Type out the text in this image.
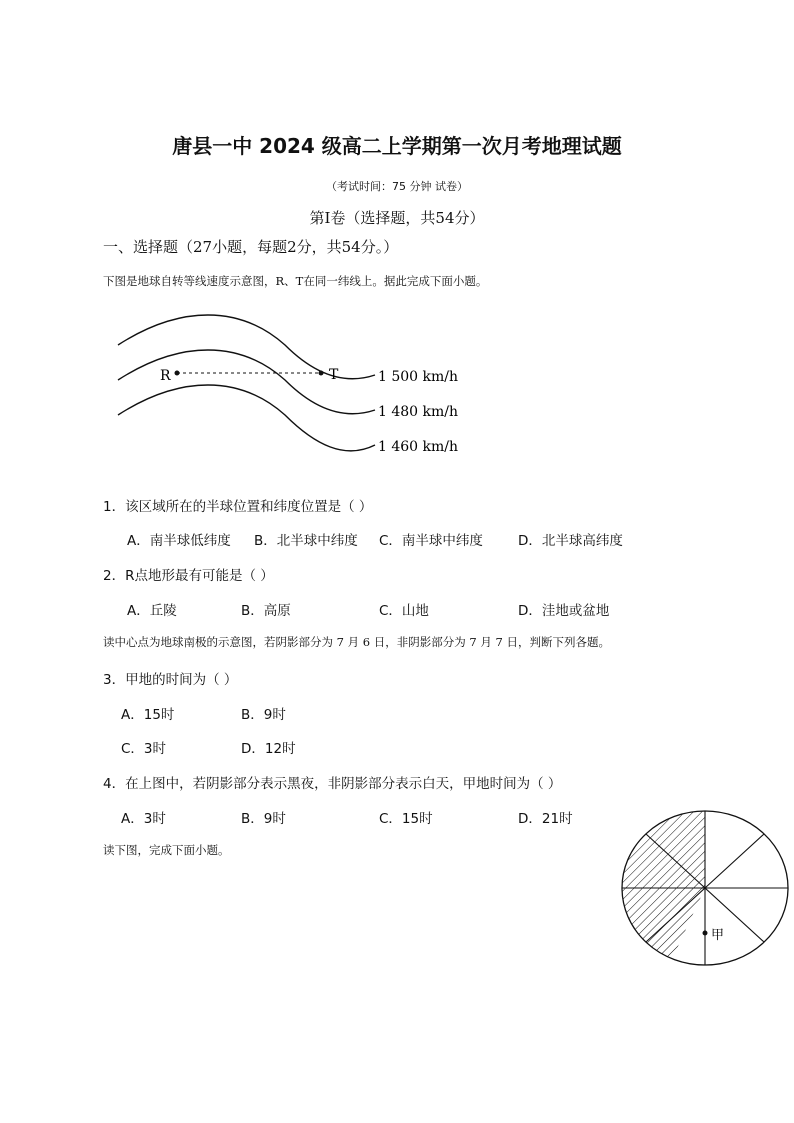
唐县一中 2024 级高二上学期第一次月考地理试题
（考试时间：75 分钟 试卷）
第Ⅰ卷（选择题，共54分）
一、选择题（27小题，每题2分，共54分。）
下图是地球自转等线速度示意图，R、T在同一纬线上。据此完成下面小题。
R	T	1 500 km/h
1 480 km/h
1 460 km/h
1．该区域所在的半球位置和纬度位置是（ ）
A．南半球低纬度 B．北半球中纬度 C．南半球中纬度	D．北半球高纬度
2．R点地形最有可能是（ ）
A．丘陵	B．高原	C．山地	D．洼地或盆地
读中心点为地球南极的示意图，若阴影部分为 7 月 6 日，非阴影部分为 7 月 7 日，判断下列各题。
3．甲地的时间为（ ）
A．15时	B．9时
C．3时	D．12时
4．在上图中，若阴影部分表示黑夜，非阴影部分表示白天，甲地时间为（ ）
A．3时	B．9时	C．15时	D．21时
读下图，完成下面小题。
甲
